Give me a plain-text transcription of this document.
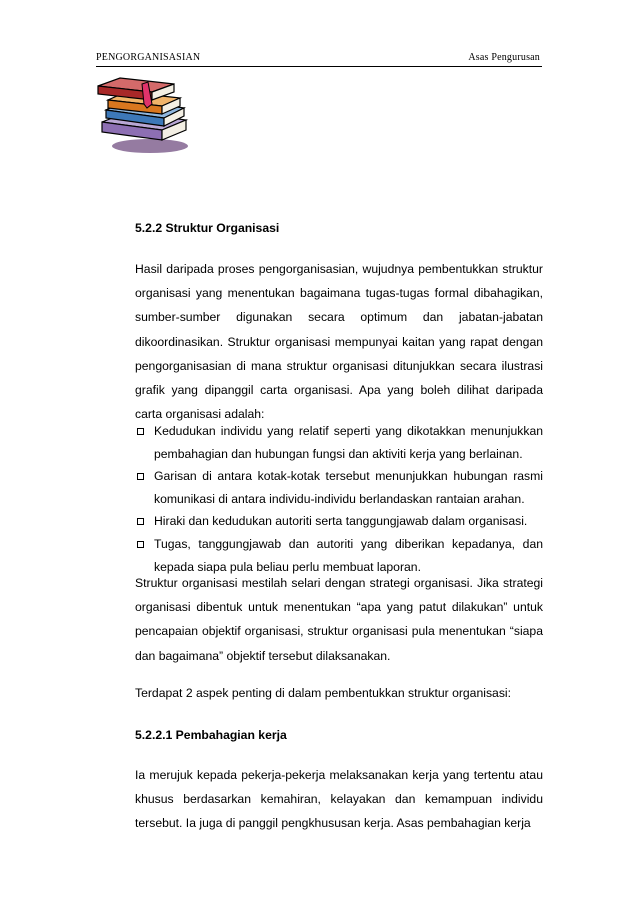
PENGORGANISASIAN	Asas Pengurusan
5.2.2 Struktur Organisasi
Hasil daripada proses pengorganisasian, wujudnya pembentukkan struktur organisasi yang menentukan bagaimana tugas-tugas formal dibahagikan, sumber-sumber digunakan secara optimum dan jabatan-jabatan dikoordinasikan. Struktur organisasi mempunyai kaitan yang rapat dengan pengorganisasian di mana struktur organisasi ditunjukkan secara ilustrasi grafik yang dipanggil carta organisasi. Apa yang boleh dilihat daripada carta organisasi adalah:
Kedudukan individu yang relatif seperti yang dikotakkan menunjukkan pembahagian dan hubungan fungsi dan aktiviti kerja yang berlainan.
Garisan di antara kotak-kotak tersebut menunjukkan hubungan rasmi komunikasi di antara individu-individu berlandaskan rantaian arahan.
Hiraki dan kedudukan autoriti serta tanggungjawab dalam organisasi.
Tugas, tanggungjawab dan autoriti yang diberikan kepadanya, dan kepada siapa pula beliau perlu membuat laporan.
Struktur organisasi mestilah selari dengan strategi organisasi. Jika strategi organisasi dibentuk untuk menentukan “apa yang patut dilakukan” untuk pencapaian objektif organisasi, struktur organisasi pula menentukan “siapa dan bagaimana” objektif tersebut dilaksanakan.
Terdapat 2 aspek penting di dalam pembentukkan struktur organisasi:
5.2.2.1 Pembahagian kerja
Ia merujuk kepada pekerja-pekerja melaksanakan kerja yang tertentu atau khusus berdasarkan kemahiran, kelayakan dan kemampuan individu tersebut. Ia juga di panggil pengkhususan kerja. Asas pembahagian kerja
